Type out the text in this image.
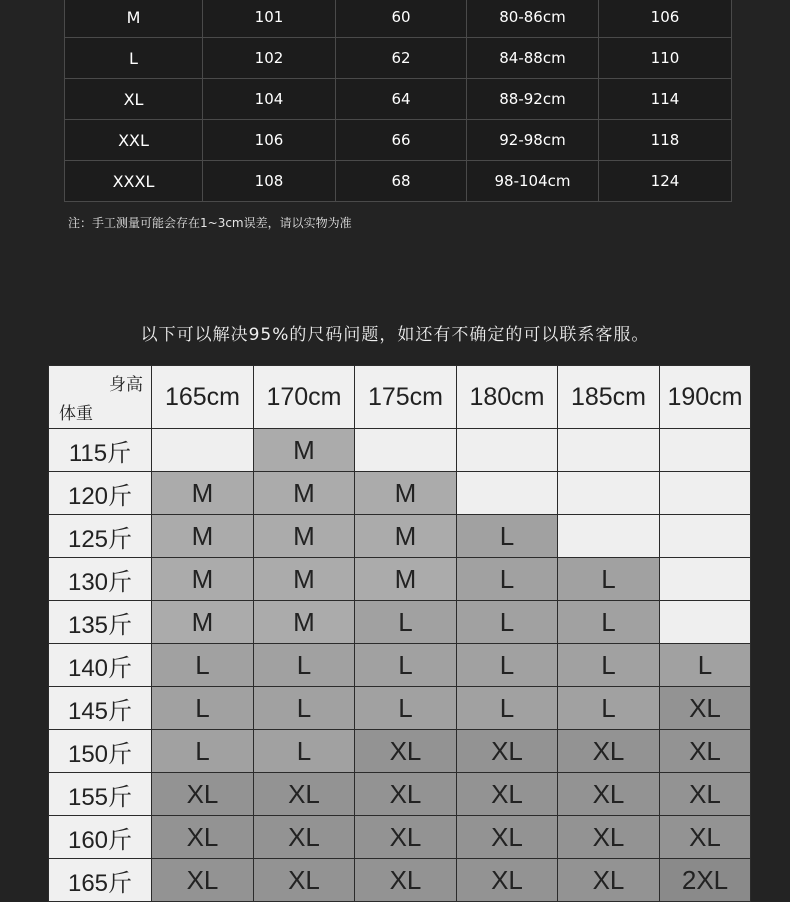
M	101	60	80-86cm	106
L	102	62	84-88cm	110
XL	104	64	88-92cm	114
XXL	106	66	92-98cm	118
XXXL	108	68	98-104cm	124

注：手工测量可能会存在1~3cm误差，请以实物为准

以下可以解决95%的尺码问题，如还有不确定的可以联系客服。

身高
体重	165cm	170cm	175cm	180cm	185cm	190cm
115斤		M				
120斤	M	M	M			
125斤	M	M	M	L		
130斤	M	M	M	L	L	
135斤	M	M	L	L	L	
140斤	L	L	L	L	L	L
145斤	L	L	L	L	L	XL
150斤	L	L	XL	XL	XL	XL
155斤	XL	XL	XL	XL	XL	XL
160斤	XL	XL	XL	XL	XL	XL
165斤	XL	XL	XL	XL	XL	2XL
